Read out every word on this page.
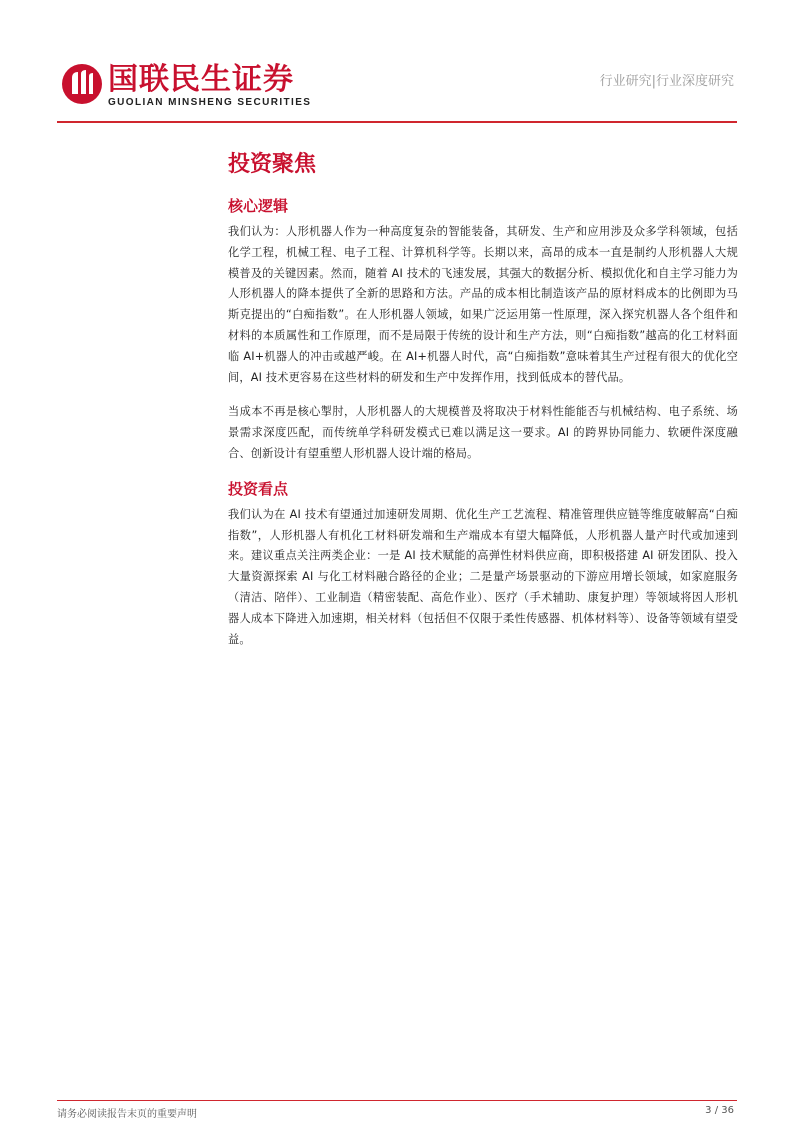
国联民生证券
GUOLIAN MINSHENG SECURITIES
行业研究|行业深度研究
投资聚焦
核心逻辑

我们认为：人形机器人作为一种高度复杂的智能装备，其研发、生产和应用涉及众多学科领域，包括化学工程，机械工程、电子工程、计算机科学等。长期以来，高昂的成本一直是制约人形机器人大规模普及的关键因素。然而，随着 AI 技术的飞速发展，其强大的数据分析、模拟优化和自主学习能力为人形机器人的降本提供了全新的思路和方法。产品的成本相比制造该产品的原材料成本的比例即为马斯克提出的“白痴指数”。在人形机器人领域，如果广泛运用第一性原理，深入探究机器人各个组件和材料的本质属性和工作原理，而不是局限于传统的设计和生产方法，则“白痴指数”越高的化工材料面临 AI+机器人的冲击或越严峻。在 AI+机器人时代，高“白痴指数”意味着其生产过程有很大的优化空间，AI 技术更容易在这些材料的研发和生产中发挥作用，找到低成本的替代品。

当成本不再是核心掣肘，人形机器人的大规模普及将取决于材料性能能否与机械结构、电子系统、场景需求深度匹配，而传统单学科研发模式已难以满足这一要求。AI 的跨界协同能力、软硬件深度融合、创新设计有望重塑人形机器人设计端的格局。

投资看点

我们认为在 AI 技术有望通过加速研发周期、优化生产工艺流程、精准管理供应链等维度破解高“白痴指数”，人形机器人有机化工材料研发端和生产端成本有望大幅降低，人形机器人量产时代或加速到来。建议重点关注两类企业：一是 AI 技术赋能的高弹性材料供应商，即积极搭建 AI 研发团队、投入大量资源探索 AI 与化工材料融合路径的企业；二是量产场景驱动的下游应用增长领域，如家庭服务（清洁、陪伴）、工业制造（精密装配、高危作业）、医疗（手术辅助、康复护理）等领域将因人形机器人成本下降进入加速期，相关材料（包括但不仅限于柔性传感器、机体材料等）、设备等领域有望受益。

请务必阅读报告末页的重要声明	3 / 36
